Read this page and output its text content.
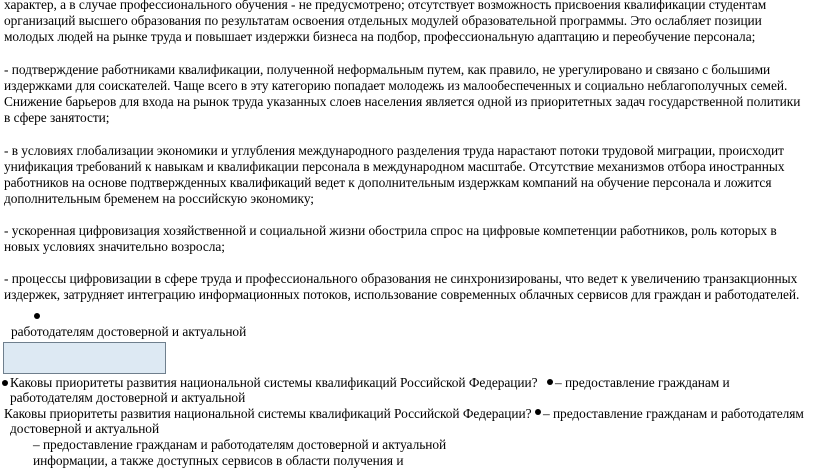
характер, а в случае профессионального обучения - не предусмотрено; отсутствует возможность присвоения квалификации студентам
организаций высшего образования по результатам освоения отдельных модулей образовательной программы. Это ослабляет позиции
молодых людей на рынке труда и повышает издержки бизнеса на подбор, профессиональную адаптацию и переобучение персонала;
- подтверждение работниками квалификации, полученной неформальным путем, как правило, не урегулировано и связано с большими
издержками для соискателей. Чаще всего в эту категорию попадает молодежь из малообеспеченных и социально неблагополучных семей.
Снижение барьеров для входа на рынок труда указанных слоев населения является одной из приоритетных задач государственной политики
в сфере занятости;
- в условиях глобализации экономики и углубления международного разделения труда нарастают потоки трудовой миграции, происходит
унификация требований к навыкам и квалификации персонала в международном масштабе. Отсутствие механизмов отбора иностранных
работников на основе подтвержденных квалификаций ведет к дополнительным издержкам компаний на обучение персонала и ложится
дополнительным бременем на российскую экономику;
- ускоренная цифровизация хозяйственной и социальной жизни обострила спрос на цифровые компетенции работников, роль которых в
новых условиях значительно возросла;
- процессы цифровизации в сфере труда и профессионального образования не синхронизированы, что ведет к увеличению транзакционных
издержек, затрудняет интеграцию информационных потоков, использование современных облачных сервисов для граждан и работодателей.
работодателям достоверной и актуальной
Каковы приоритеты развития национальной системы квалификаций Российской Федерации? – предоставление гражданам и
работодателям достоверной и актуальной
Каковы приоритеты развития национальной системы квалификаций Российской Федерации? – предоставление гражданам и работодателям
достоверной и актуальной
– предоставление гражданам и работодателям достоверной и актуальной
информации, а также доступных сервисов в области получения и
